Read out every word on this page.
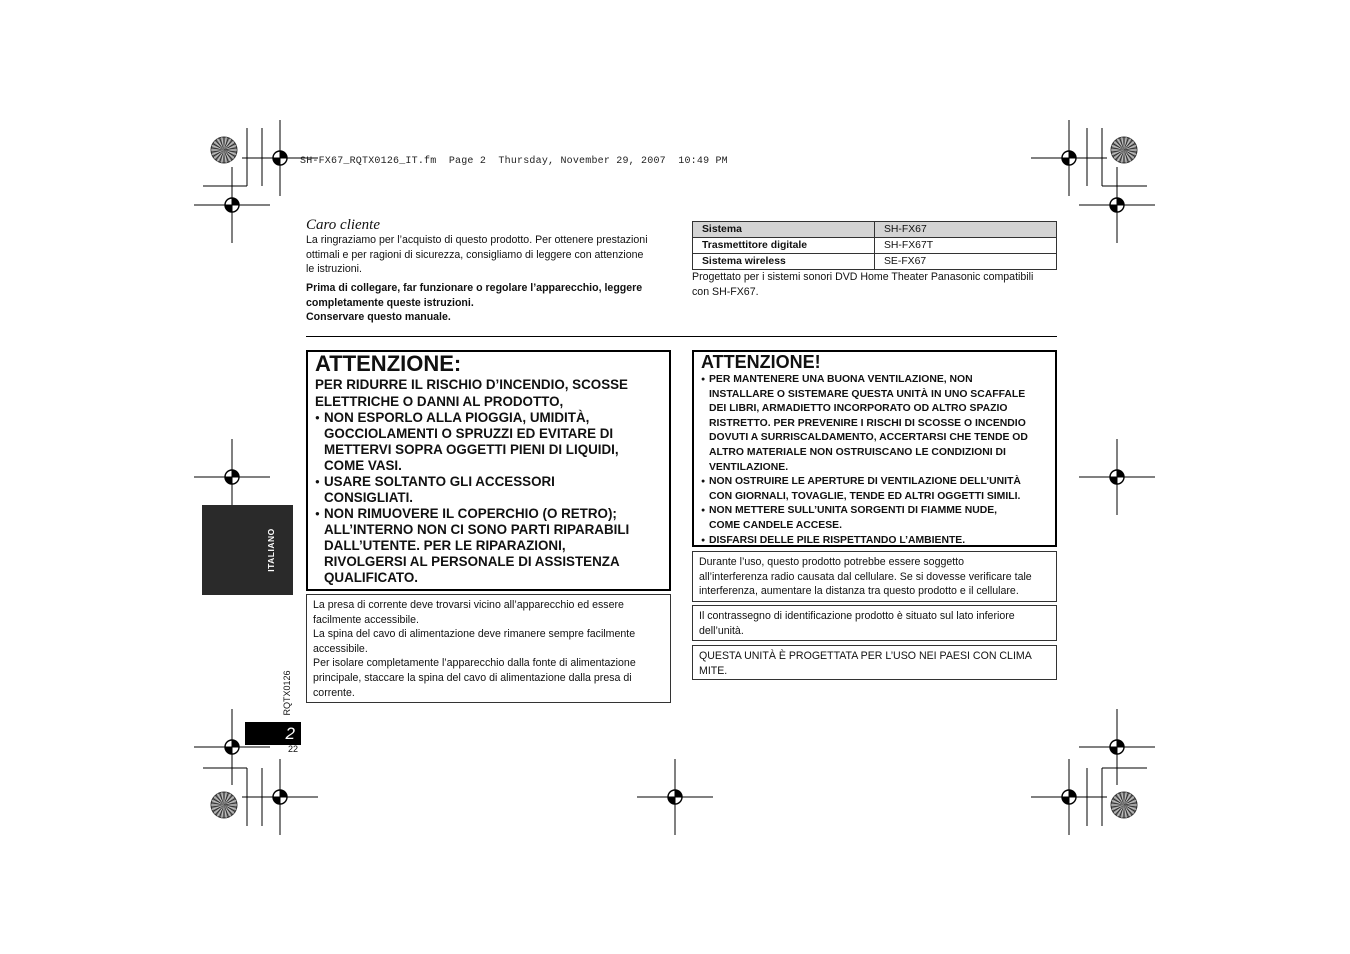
SH-FX67_RQTX0126_IT.fm  Page 2  Thursday, November 29, 2007  10:49 PM
Caro cliente
La ringraziamo per l’acquisto di questo prodotto. Per ottenere prestazioni
ottimali e per ragioni di sicurezza, consigliamo di leggere con attenzione
le istruzioni.
Prima di collegare, far funzionare o regolare l’apparecchio, leggere
completamente queste istruzioni.
Conservare questo manuale.
Sistema	SH-FX67
Trasmettitore digitale	SH-FX67T
Sistema wireless	SE-FX67
Progettato per i sistemi sonori DVD Home Theater Panasonic compatibili
con SH-FX67.
ATTENZIONE:
PER RIDURRE IL RISCHIO D’INCENDIO, SCOSSE
ELETTRICHE O DANNI AL PRODOTTO,
● NON ESPORLO ALLA PIOGGIA, UMIDITÀ,
GOCCIOLAMENTI O SPRUZZI ED EVITARE DI
METTERVI SOPRA OGGETTI PIENI DI LIQUIDI,
COME VASI.
● USARE SOLTANTO GLI ACCESSORI
CONSIGLIATI.
● NON RIMUOVERE IL COPERCHIO (O RETRO);
ALL’INTERNO NON CI SONO PARTI RIPARABILI
DALL’UTENTE. PER LE RIPARAZIONI,
RIVOLGERSI AL PERSONALE DI ASSISTENZA
QUALIFICATO.
La presa di corrente deve trovarsi vicino all’apparecchio ed essere
facilmente accessibile.
La spina del cavo di alimentazione deve rimanere sempre facilmente
accessibile.
Per isolare completamente l’apparecchio dalla fonte di alimentazione
principale, staccare la spina del cavo di alimentazione dalla presa di
corrente.
ATTENZIONE!
● PER MANTENERE UNA BUONA VENTILAZIONE, NON
INSTALLARE O SISTEMARE QUESTA UNITÀ IN UNO SCAFFALE
DEI LIBRI, ARMADIETTO INCORPORATO OD ALTRO SPAZIO
RISTRETTO. PER PREVENIRE I RISCHI DI SCOSSE O INCENDIO
DOVUTI A SURRISCALDAMENTO, ACCERTARSI CHE TENDE OD
ALTRO MATERIALE NON OSTRUISCANO LE CONDIZIONI DI
VENTILAZIONE.
● NON OSTRUIRE LE APERTURE DI VENTILAZIONE DELL’UNITÀ
CON GIORNALI, TOVAGLIE, TENDE ED ALTRI OGGETTI SIMILI.
● NON METTERE SULL’UNITA SORGENTI DI FIAMME NUDE,
COME CANDELE ACCESE.
● DISFARSI DELLE PILE RISPETTANDO L’AMBIENTE.
Durante l’uso, questo prodotto potrebbe essere soggetto
all’interferenza radio causata dal cellulare. Se si dovesse verificare tale
interferenza, aumentare la distanza tra questo prodotto e il cellulare.
Il contrassegno di identificazione prodotto è situato sul lato inferiore
dell’unità.
QUESTA UNITÀ È PROGETTATA PER L’USO NEI PAESI CON CLIMA
MITE.
ITALIANO
RQTX0126
2
22
